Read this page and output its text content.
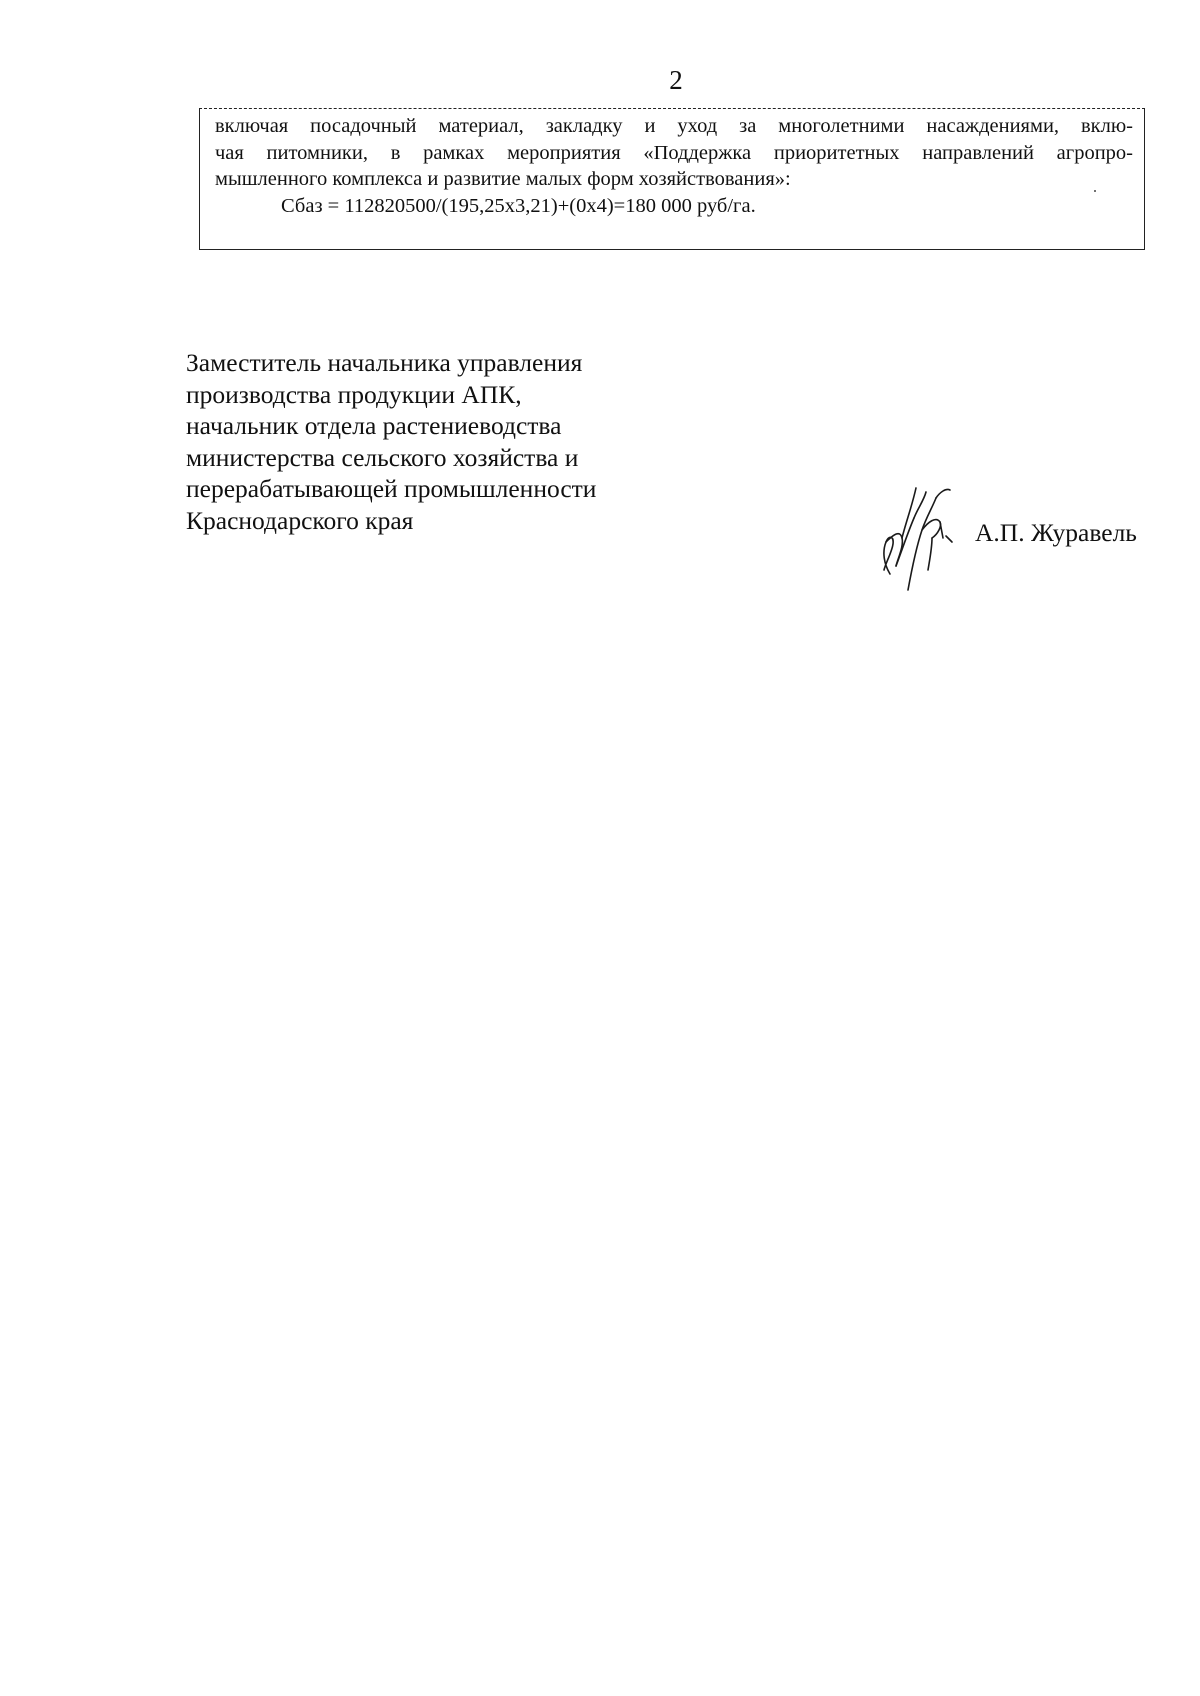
2
включая посадочный материал, закладку и уход за многолетними насаждениями, вклю-
чая питомники, в рамках мероприятия «Поддержка приоритетных направлений агропро-
мышленного комплекса и развитие малых форм хозяйствования»:
Сбаз = 112820500/(195,25х3,21)+(0х4)=180 000 руб/га.
Заместитель начальника управления
производства продукции АПК,
начальник отдела растениеводства
министерства сельского хозяйства и
перерабатывающей промышленности
Краснодарского края	А.П. Журавель
